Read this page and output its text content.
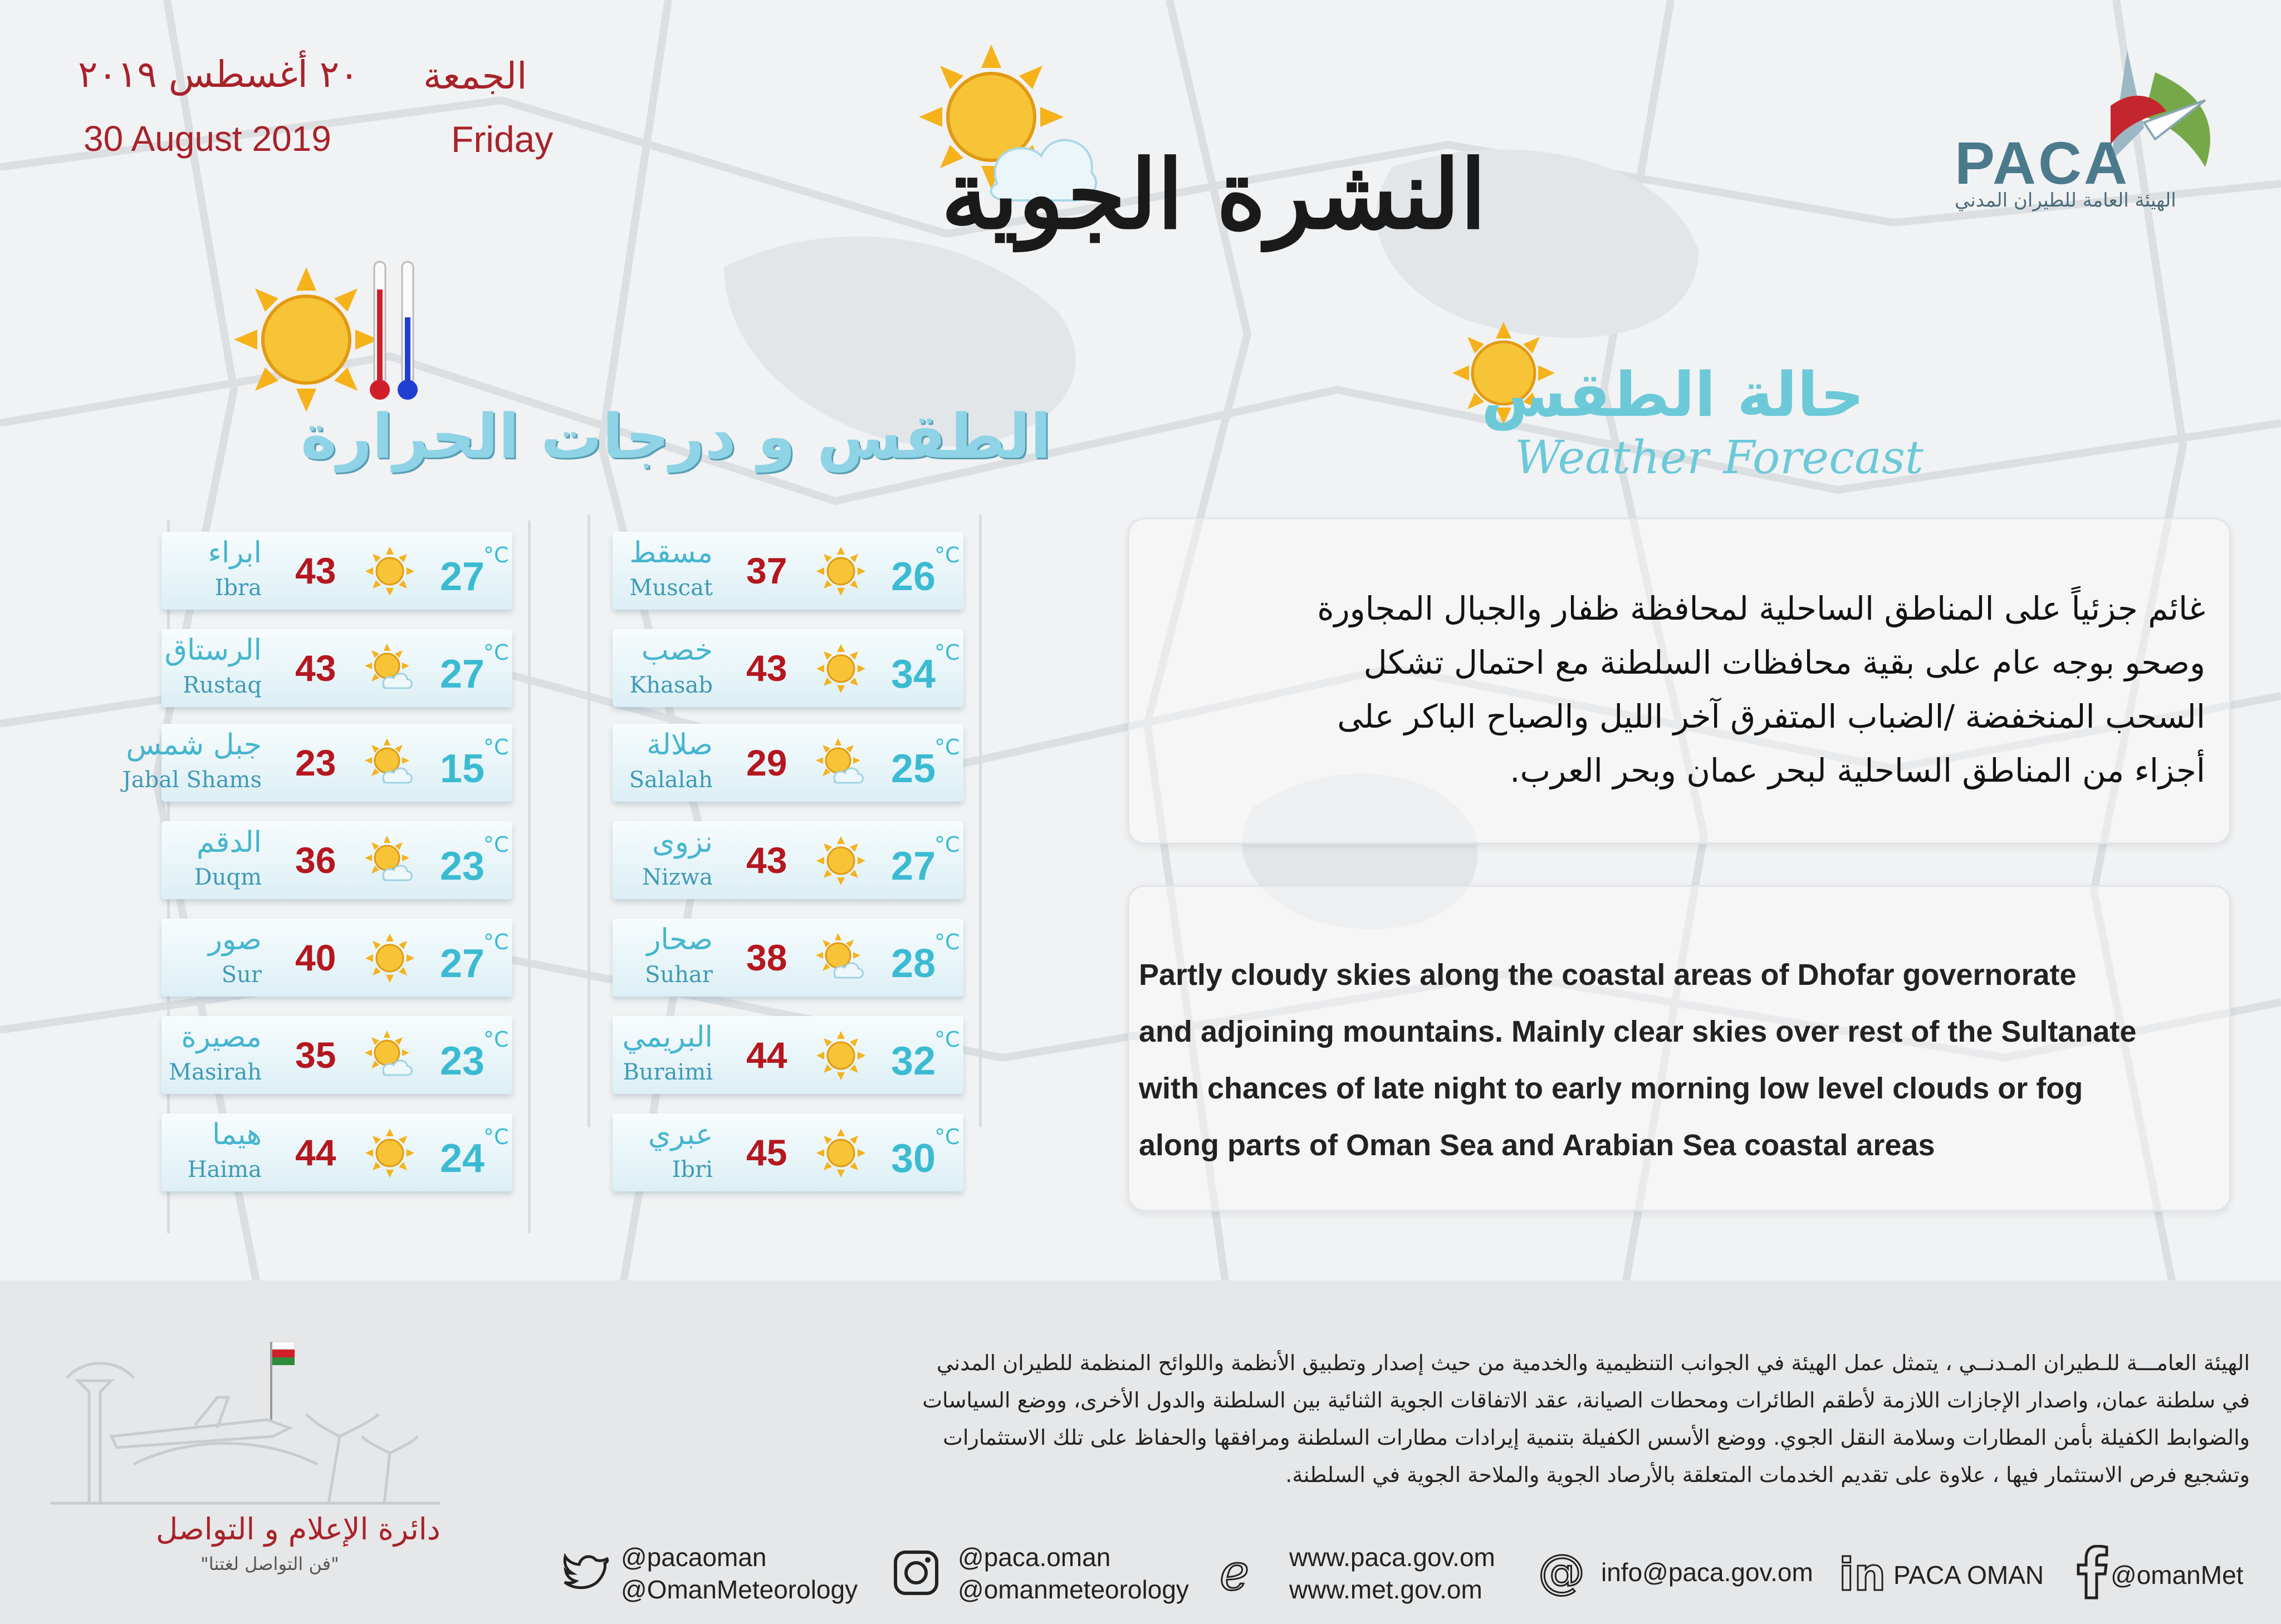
٢٠ أغسطس ٢٠١٩ الجمعة
30 August 2019	Friday	النشرة الجوية	PACA
الهيئة العامة للطيران المدني
الطقس و درجات الحرارة
حالة الطقس
Weather Forecast
ابراء
Ibra 43	27
°C
الرستاق
Rustaq 43	27
°C
جبل شمس
Jabal Shams 23	15
°C
الدقم
Duqm 36	23
°C
صور
Sur 40	27
°C
مصيرة
Masirah 35	23
°C
هيما
Haima 44	24
°C
مسقط
Muscat 37	26
°C
خصب
Khasab 43	34
°C
صلالة
Salalah 29	25
°C
نزوى
Nizwa 43	27
°C
صحار
Suhar 38	28
°C
البريمي
Buraimi 44	32
°C
عبري
Ibri 45	30
°C
غائم جزئياً على المناطق الساحلية لمحافظة ظفار والجبال المجاورة
وصحو بوجه عام على بقية محافظات السلطنة مع احتمال تشكل
السحب المنخفضة /الضباب المتفرق آخر الليل والصباح الباكر على
أجزاء من المناطق الساحلية لبحر عمان وبحر العرب.
Partly cloudy skies along the coastal areas of Dhofar governorate
and adjoining mountains. Mainly clear skies over rest of the Sultanate
with chances of late night to early morning low level clouds or fog
along parts of Oman Sea and Arabian Sea coastal areas
دائرة الإعلام و التواصل
"فن التواصل لغتنا"
الهيئة العامـــة للـطيران المـدنــي ، يتمثل عمل الهيئة في الجوانب التنظيمية والخدمية من حيث إصدار وتطبيق الأنظمة واللوائح المنظمة للطيران المدني
في سلطنة عمان، واصدار الإجازات اللازمة لأطقم الطائرات ومحطات الصيانة، عقد الاتفاقات الجوية الثنائية بين السلطنة والدول الأخرى، ووضع السياسات
والضوابط الكفيلة بأمن المطارات وسلامة النقل الجوي. ووضع الأسس الكفيلة بتنمية إيرادات مطارات السلطنة ومرافقها والحفاظ على تلك الاستثمارات
وتشجيع فرص الاستثمار فيها ، علاوة على تقديم الخدمات المتعلقة بالأرصاد الجوية والملاحة الجوية في السلطنة.
@pacaoman
@OmanMeteorology
@paca.oman
@omanmeteorology e www.paca.gov.om
www.met.gov.om @ info@paca.gov.om in PACA OMAN	@omanMet
